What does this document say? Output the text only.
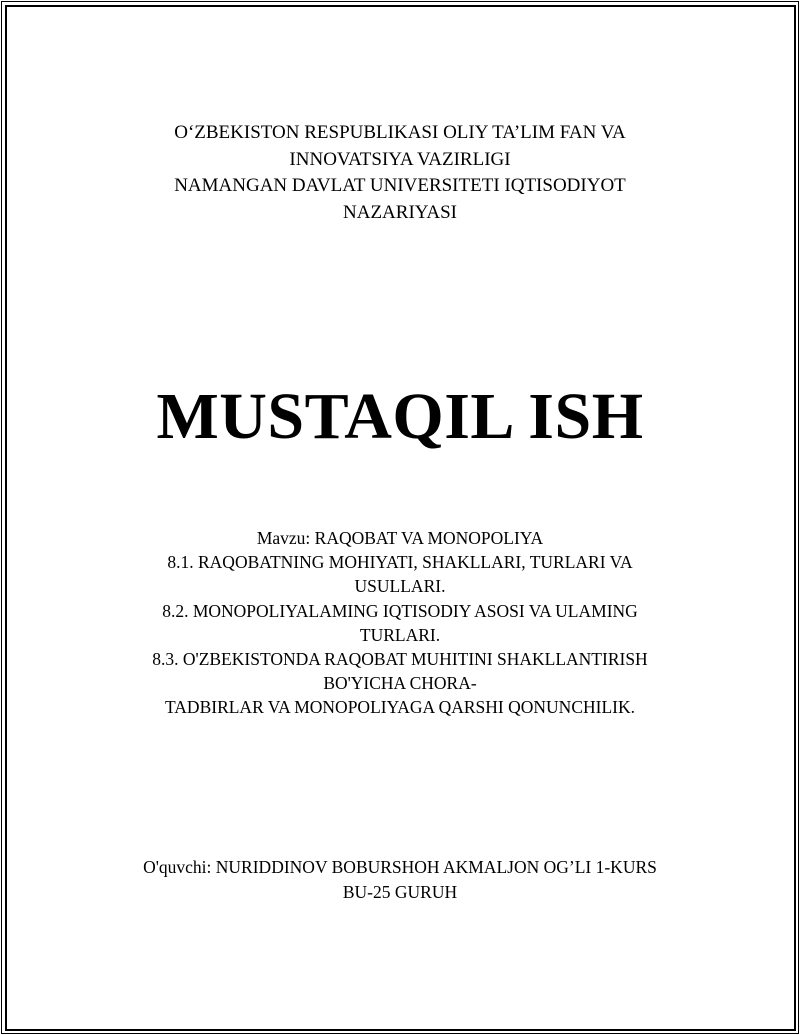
O‘ZBEKISTON RESPUBLIKASI OLIY TA’LIM FAN VA
INNOVATSIYA VAZIRLIGI
NAMANGAN DAVLAT UNIVERSITETI IQTISODIYOT
NAZARIYASI
MUSTAQIL ISH
Mavzu: RAQOBAT VA MONOPOLIYA
8.1. RAQOBATNING MOHIYATI, SHAKLLARI, TURLARI VA
USULLARI.
8.2. MONOPOLIYALAMING IQTISODIY ASOSI VA ULAMING
TURLARI.
8.3. O'ZBEKISTONDA RAQOBAT MUHITINI SHAKLLANTIRISH
BO'YICHA CHORA-
TADBIRLAR VA MONOPOLIYAGA QARSHI QONUNCHILIK.
O'quvchi: NURIDDINOV BOBURSHOH AKMALJON OG’LI 1-KURS
BU-25 GURUH
